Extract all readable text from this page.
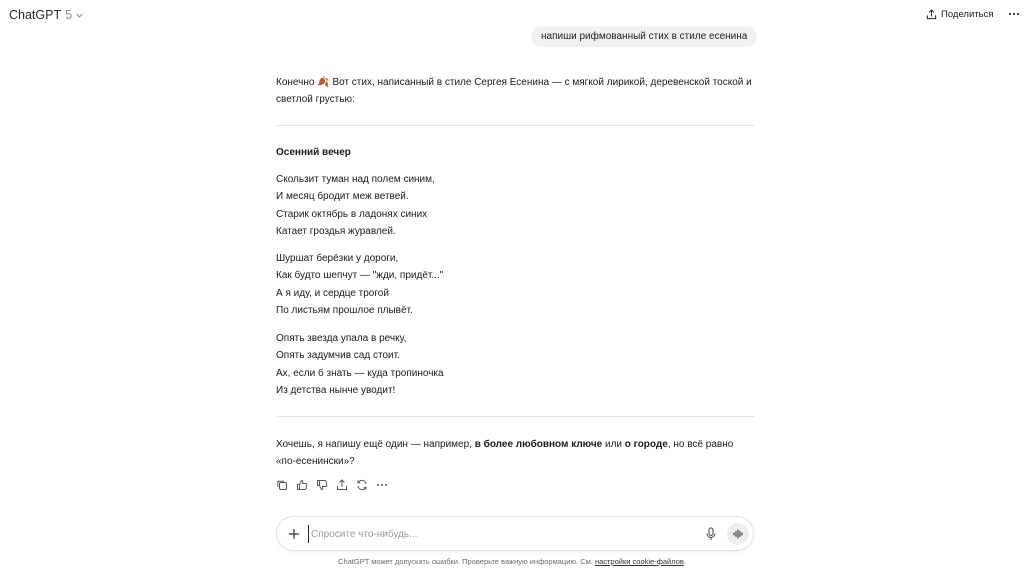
ChatGPT 5	Поделиться
напиши рифмованный стих в стиле есенина
Конечно 🍂 Вот стих, написанный в стиле Сергея Есенина — с мягкой лирикой, деревенской тоской и светлой грустью:
Осенний вечер
Скользит туман над полем синим,
И месяц бродит меж ветвей.
Старик октябрь в ладонях синих
Катает гроздья журавлей.
Шуршат берёзки у дороги,
Как будто шепчут — "жди, придёт..."
А я иду, и сердце трогой
По листьям прошлое плывёт.
Опять звезда упала в речку,
Опять задумчив сад стоит.
Ах, если б знать — куда тропиночка
Из детства нынче уводит!
Хочешь, я напишу ещё один — например, в более любовном ключе или о городе, но всё равно «по-есенински»?
Спросите что-нибудь...
ChatGPT может допускать ошибки. Проверьте важную информацию. См. настройки cookie-файлов.
